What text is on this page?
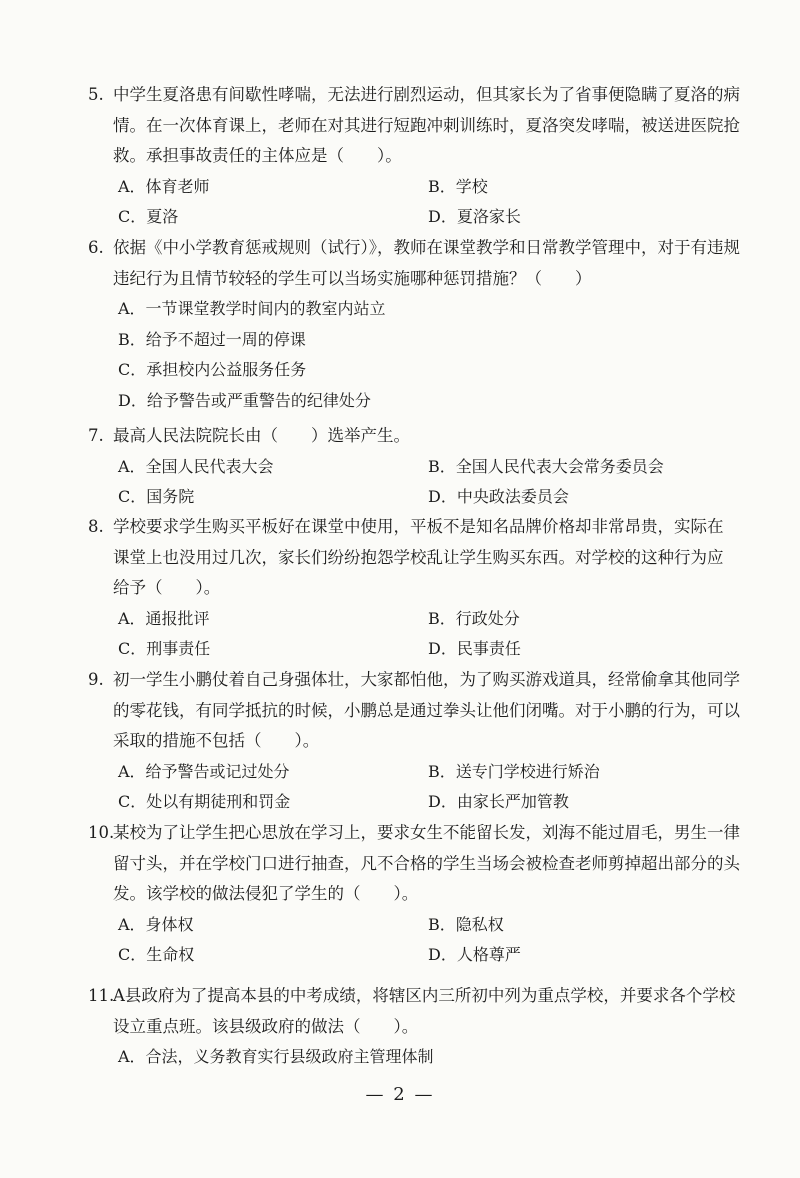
5. 中学生夏洛患有间歇性哮喘，无法进行剧烈运动，但其家长为了省事便隐瞒了夏洛的病
情。在一次体育课上，老师在对其进行短跑冲刺训练时，夏洛突发哮喘，被送进医院抢
救。承担事故责任的主体应是（　　）。
A．体育老师	B．学校
C．夏洛	D．夏洛家长
6. 依据《中小学教育惩戒规则（试行）》，教师在课堂教学和日常教学管理中，对于有违规
违纪行为且情节较轻的学生可以当场实施哪种惩罚措施？（　　）
A．一节课堂教学时间内的教室内站立
B．给予不超过一周的停课
C．承担校内公益服务任务
D．给予警告或严重警告的纪律处分
7. 最高人民法院院长由（　　）选举产生。
A．全国人民代表大会	B．全国人民代表大会常务委员会
C．国务院	D．中央政法委员会
8. 学校要求学生购买平板好在课堂中使用，平板不是知名品牌价格却非常昂贵，实际在
课堂上也没用过几次，家长们纷纷抱怨学校乱让学生购买东西。对学校的这种行为应
给予（　　）。
A．通报批评	B．行政处分
C．刑事责任	D．民事责任
9. 初一学生小鹏仗着自己身强体壮，大家都怕他，为了购买游戏道具，经常偷拿其他同学
的零花钱，有同学抵抗的时候，小鹏总是通过拳头让他们闭嘴。对于小鹏的行为，可以
采取的措施不包括（　　）。
A．给予警告或记过处分	B．送专门学校进行矫治
C．处以有期徒刑和罚金	D．由家长严加管教
10.某校为了让学生把心思放在学习上，要求女生不能留长发，刘海不能过眉毛，男生一律
留寸头，并在学校门口进行抽查，凡不合格的学生当场会被检查老师剪掉超出部分的头
发。该学校的做法侵犯了学生的（　　）。
A．身体权	B．隐私权
C．生命权	D．人格尊严
11.A县政府为了提高本县的中考成绩，将辖区内三所初中列为重点学校，并要求各个学校
设立重点班。该县级政府的做法（　　）。
A．合法，义务教育实行县级政府主管理体制
— 2 —
